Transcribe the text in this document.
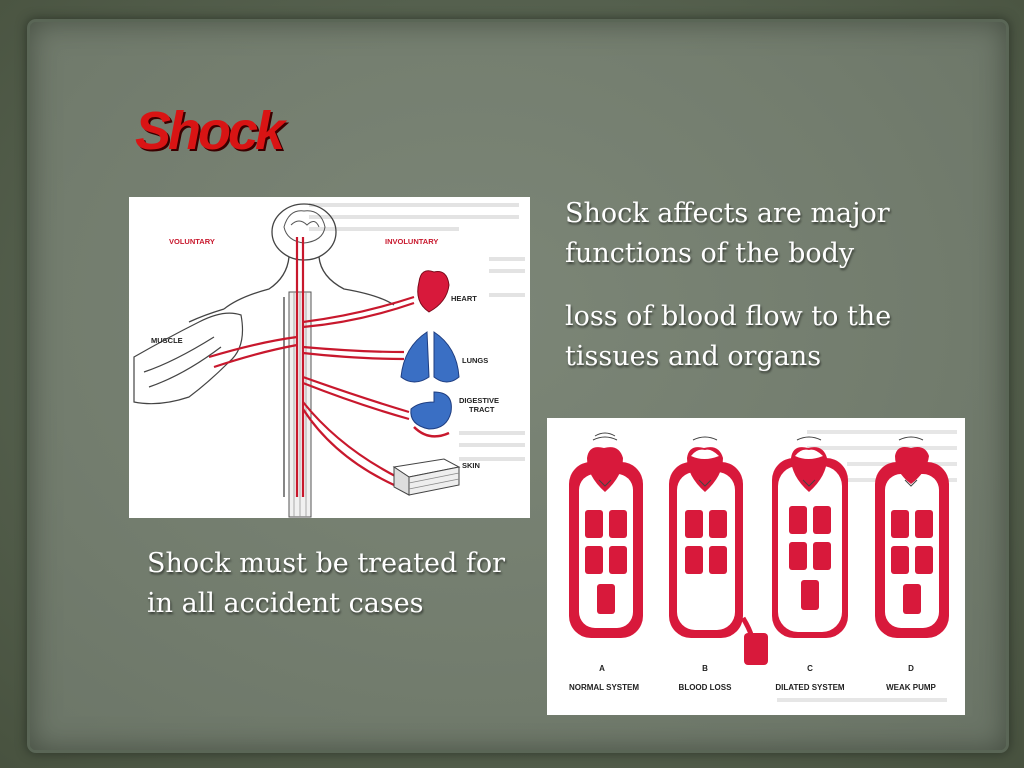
Shock

Shock affects are major functions of the body

loss of blood flow to the tissues and organs

Shock must be treated for in all accident cases

VOLUNTARY	INVOLUNTARY
MUSCLE
HEART
LUNGS
DIGESTIVE
TRACT
SKIN
A
NORMAL SYSTEM
B
BLOOD LOSS
C
DILATED SYSTEM
D
WEAK PUMP
